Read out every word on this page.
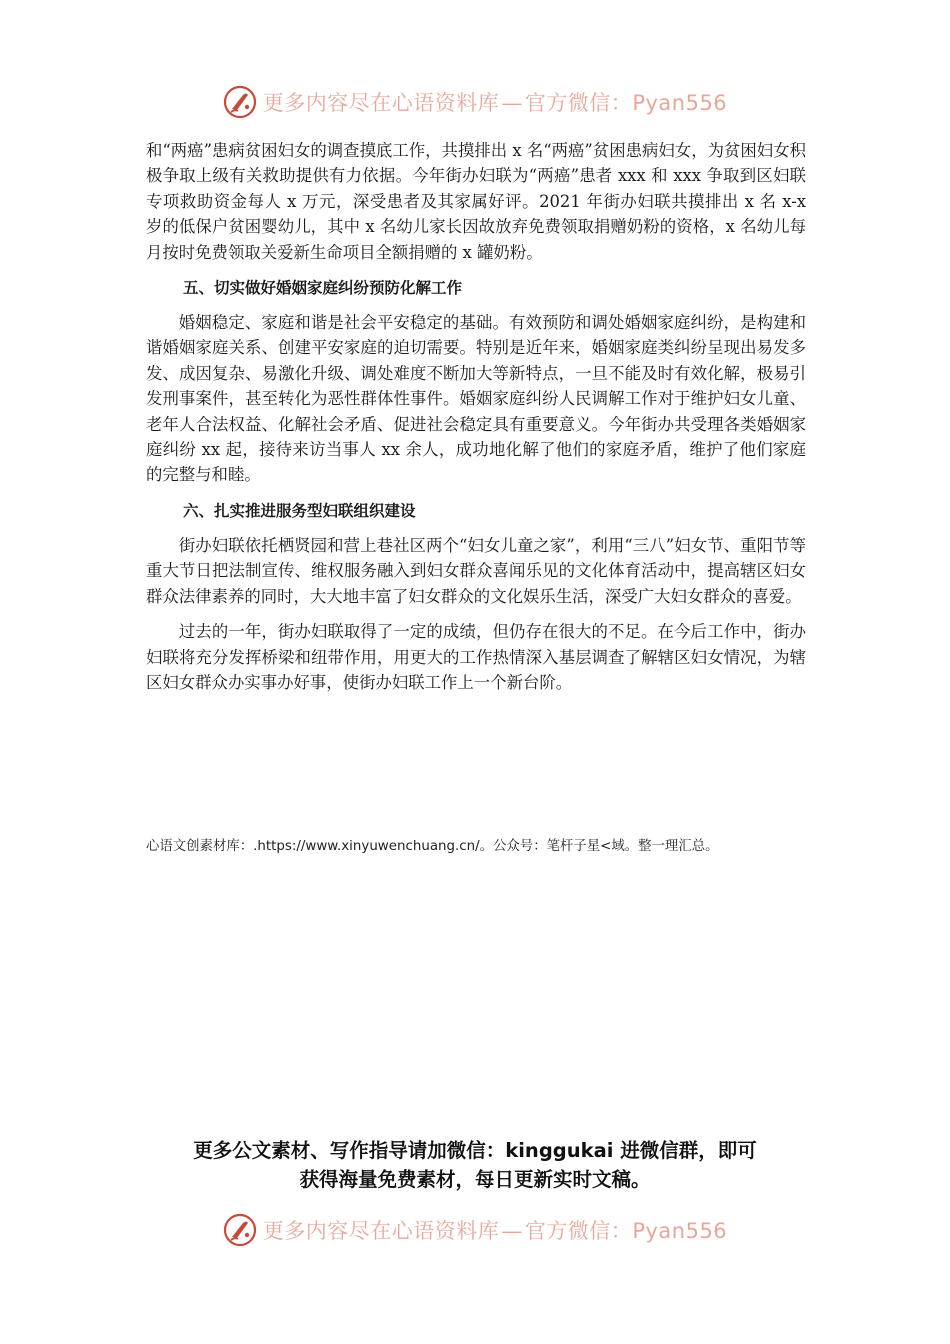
更多内容尽在心语资料库—官方微信：Pyan556

和“两癌”患病贫困妇女的调查摸底工作，共摸排出 x 名“两癌”贫困患病妇女，为贫困妇女积极争取上级有关救助提供有力依据。今年街办妇联为“两癌”患者 xxx 和 xxx 争取到区妇联专项救助资金每人 x 万元，深受患者及其家属好评。2021 年街办妇联共摸排出 x 名 x-x 岁的低保户贫困婴幼儿，其中 x 名幼儿家长因故放弃免费领取捐赠奶粉的资格，x 名幼儿每月按时免费领取关爱新生命项目全额捐赠的 x 罐奶粉。

五、切实做好婚姻家庭纠纷预防化解工作

婚姻稳定、家庭和谐是社会平安稳定的基础。有效预防和调处婚姻家庭纠纷，是构建和谐婚姻家庭关系、创建平安家庭的迫切需要。特别是近年来，婚姻家庭类纠纷呈现出易发多发、成因复杂、易激化升级、调处难度不断加大等新特点，一旦不能及时有效化解，极易引发刑事案件，甚至转化为恶性群体性事件。婚姻家庭纠纷人民调解工作对于维护妇女儿童、老年人合法权益、化解社会矛盾、促进社会稳定具有重要意义。今年街办共受理各类婚姻家庭纠纷 xx 起，接待来访当事人 xx 余人，成功地化解了他们的家庭矛盾，维护了他们家庭的完整与和睦。

六、扎实推进服务型妇联组织建设

街办妇联依托栖贤园和营上巷社区两个“妇女儿童之家”，利用“三八”妇女节、重阳节等重大节日把法制宣传、维权服务融入到妇女群众喜闻乐见的文化体育活动中，提高辖区妇女群众法律素养的同时，大大地丰富了妇女群众的文化娱乐生活，深受广大妇女群众的喜爱。

过去的一年，街办妇联取得了一定的成绩，但仍存在很大的不足。在今后工作中，街办妇联将充分发挥桥梁和纽带作用，用更大的工作热情深入基层调查了解辖区妇女情况，为辖区妇女群众办实事办好事，使街办妇联工作上一个新台阶。

心语文创素材库：.https://www.xinyuwenchuang.cn/。公众号：笔杆子星<域。整一理汇总。
更多公文素材、写作指导请加微信：kinggukai 进微信群，即可
获得海量免费素材，每日更新实时文稿。
更多内容尽在心语资料库—官方微信：Pyan556
